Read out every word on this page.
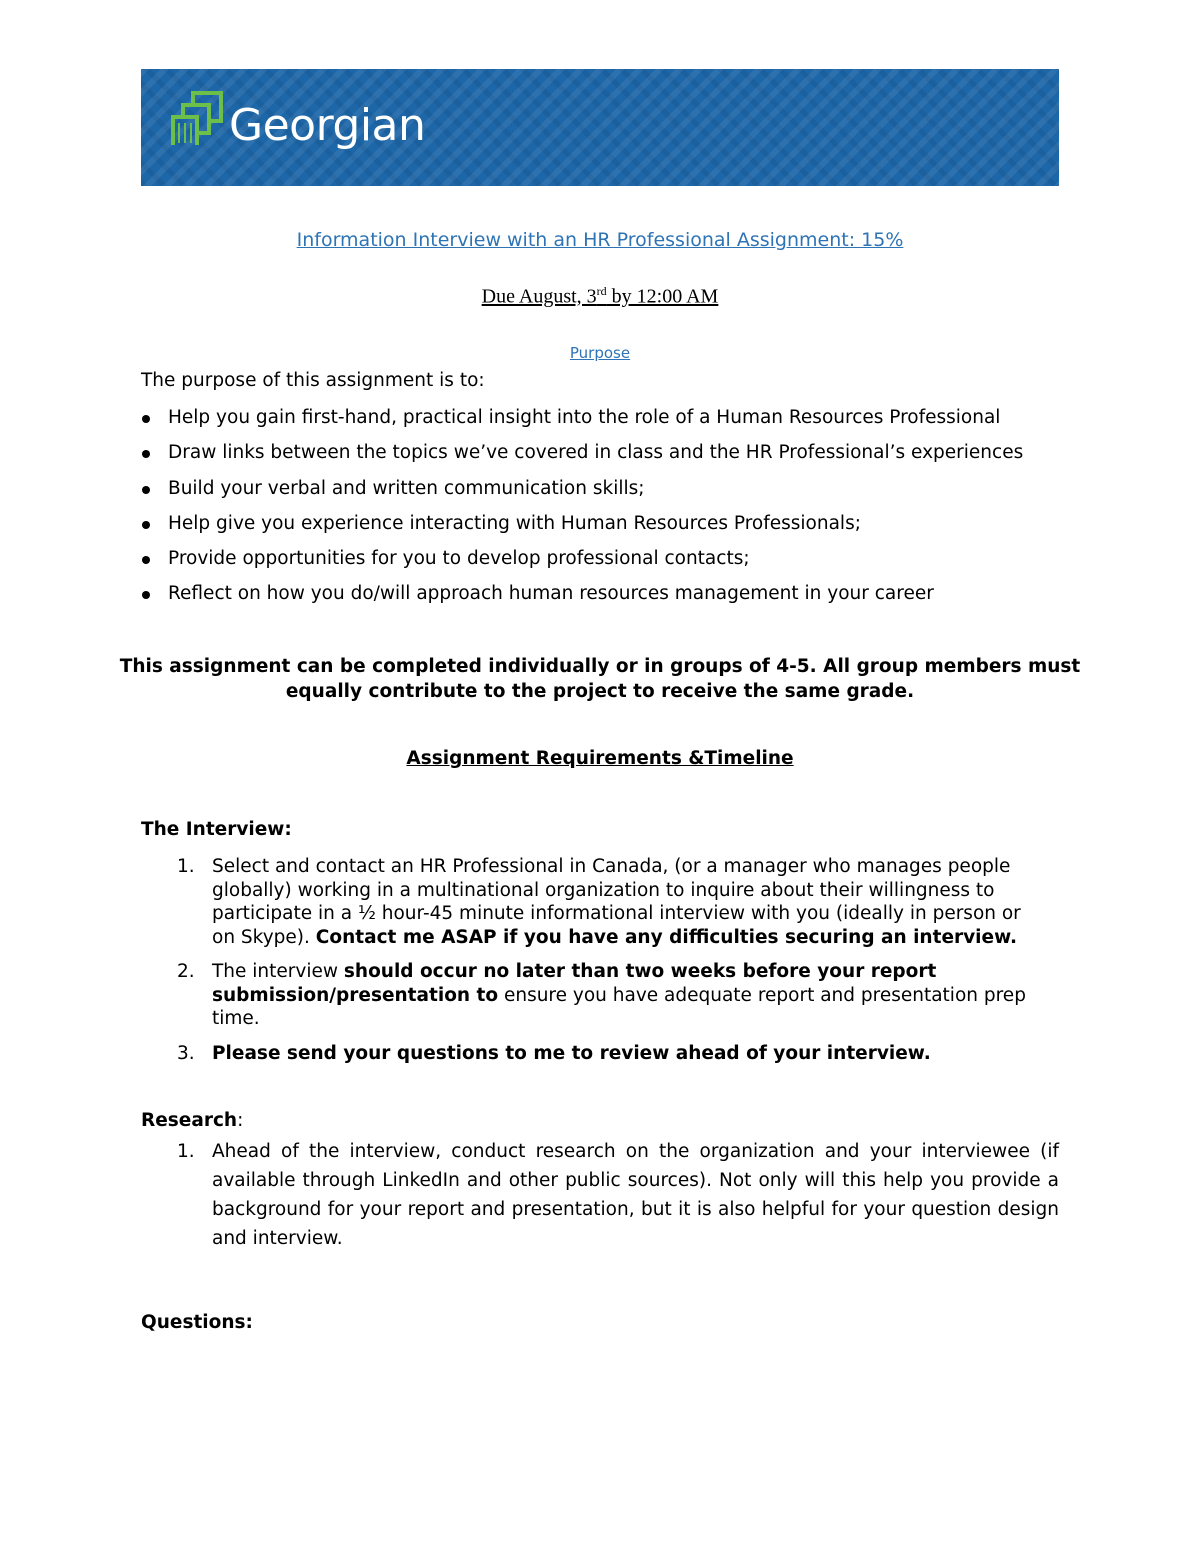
Georgian
Information Interview with an HR Professional Assignment: 15%
Due August, 3rd by 12:00 AM
Purpose
The purpose of this assignment is to:
Help you gain first-hand, practical insight into the role of a Human Resources Professional
Draw links between the topics we’ve covered in class and the HR Professional’s experiences
Build your verbal and written communication skills;
Help give you experience interacting with Human Resources Professionals;
Provide opportunities for you to develop professional contacts;
Reflect on how you do/will approach human resources management in your career
This assignment can be completed individually or in groups of 4-5. All group members must
equally contribute to the project to receive the same grade.
Assignment Requirements &Timeline
The Interview:
1. Select and contact an HR Professional in Canada, (or a manager who manages people
globally) working in a multinational organization to inquire about their willingness to
participate in a ½ hour-45 minute informational interview with you (ideally in person or
on Skype). Contact me ASAP if you have any difficulties securing an interview.
2. The interview should occur no later than two weeks before your report
submission/presentation to ensure you have adequate report and presentation prep
time.
3. Please send your questions to me to review ahead of your interview.
Research:
1. Ahead of the interview, conduct research on the organization and your interviewee (if available through LinkedIn and other public sources). Not only will this help you provide a background for your report and presentation, but it is also helpful for your question design and interview.
Questions:
